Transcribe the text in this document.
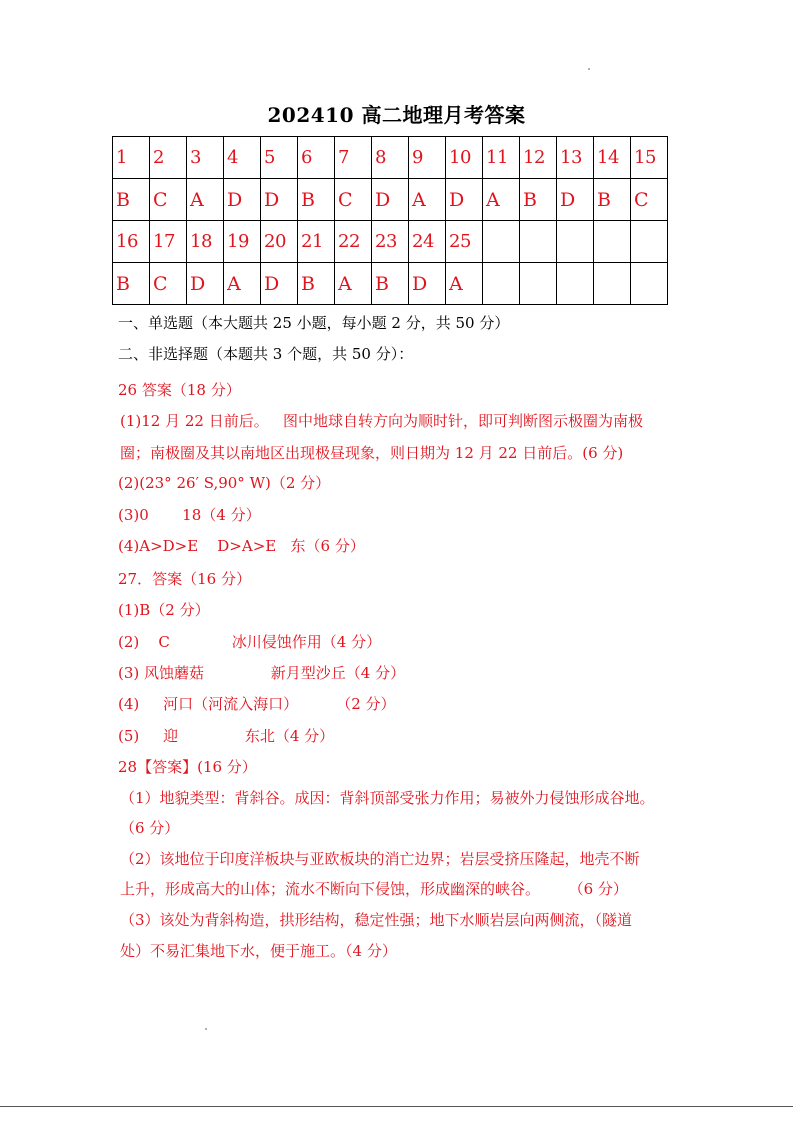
202410 高二地理月考答案
1	2	3	4	5	6	7	8	9	10	11	12	13	14	15
B	C	A	D	D	B	C	D	A	D	A	B	D	B	C
16	17	18	19	20	21	22	23	24	25					
B	C	D	A	D	B	A	B	D	A					
一、单选题（本大题共 25 小题，每小题 2 分，共 50 分）
二、非选择题（本题共 3 个题，共 50 分）：
26 答案（18 分）
(1)12 月 22 日前后。   图中地球自转方向为顺时针，即可判断图示极圈为南极
圈；南极圈及其以南地区出现极昼现象，则日期为 12 月 22 日前后。(6 分)
(2)(23° 26′ S,90° W)（2 分）
(3)0       18（4 分）
(4)A>D>E    D>A>E   东（6 分）
27．答案（16 分）
(1)B（2 分）
(2)    C             冰川侵蚀作用（4 分）
(3) 风蚀蘑菇              新月型沙丘（4 分）
(4)     河口（河流入海口）        （2 分）
(5)     迎              东北（4 分）
28【答案】(16 分）
（1）地貌类型：背斜谷。成因：背斜顶部受张力作用；易被外力侵蚀形成谷地。
（6 分）
（2）该地位于印度洋板块与亚欧板块的消亡边界；岩层受挤压隆起，地壳不断
上升，形成高大的山体；流水不断向下侵蚀，形成幽深的峡谷。      （6 分）
（3）该处为背斜构造，拱形结构，稳定性强；地下水顺岩层向两侧流，（隧道
处）不易汇集地下水，便于施工。（4 分）
